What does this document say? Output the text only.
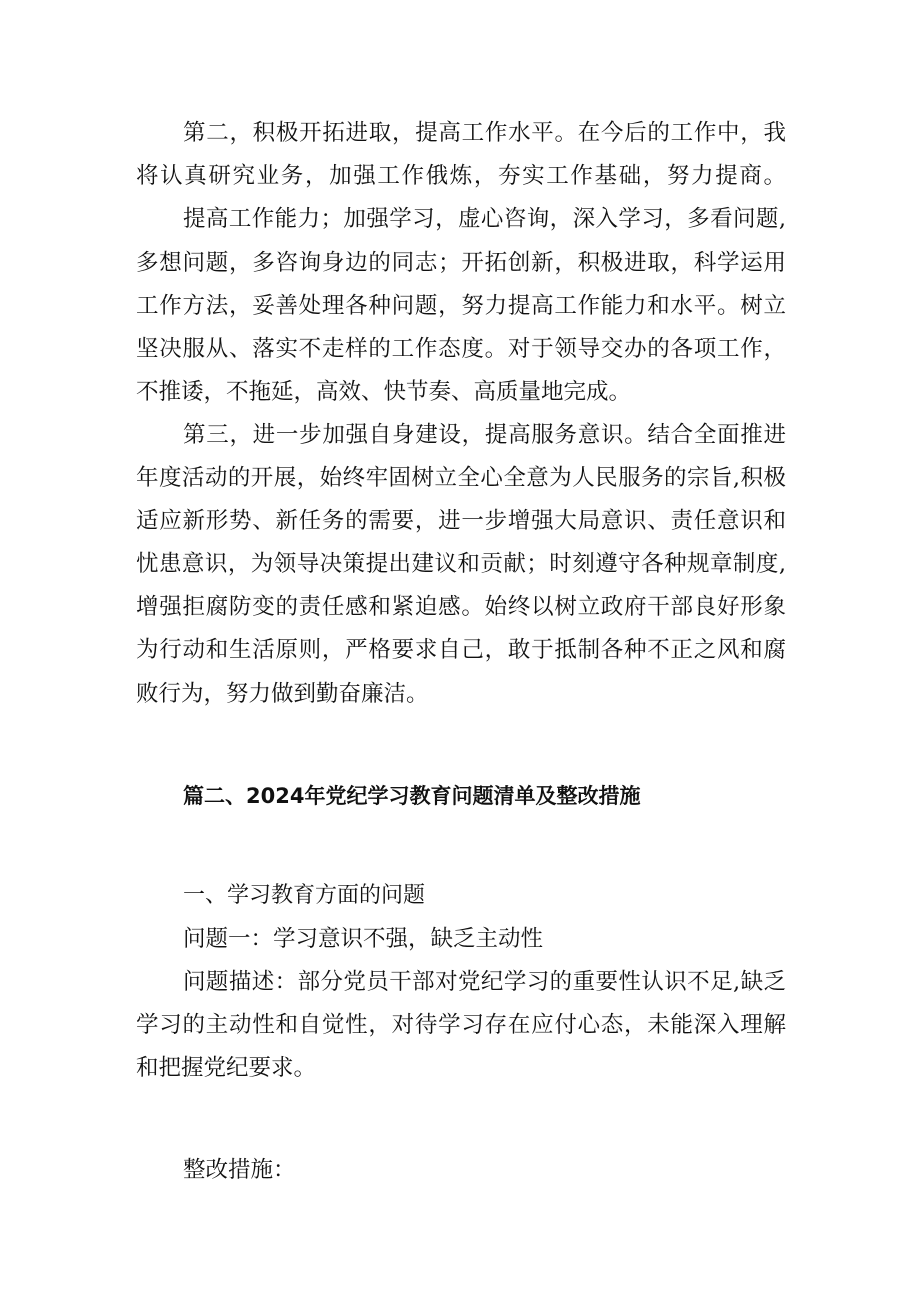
第二，积极开拓进取，提高工作水平。在今后的工作中，我
将认真研究业务，加强工作俄炼，夯实工作基础，努力提商。
提高工作能力；加强学习，虚心咨询，深入学习，多看问题,
多想问题，多咨询身边的同志；开拓创新，积极进取，科学运用
工作方法，妥善处理各种问题，努力提高工作能力和水平。树立
坚决服从、落实不走样的工作态度。对于领导交办的各项工作，
不推诿，不拖延，高效、快节奏、高质量地完成。
第三，进一步加强自身建设，提高服务意识。结合全面推进
年度活动的开展，始终牢固树立全心全意为人民服务的宗旨,积极
适应新形势、新任务的需要，进一步增强大局意识、责任意识和
忧患意识，为领导决策提出建议和贡献；时刻遵守各种规章制度,
增强拒腐防变的责任感和紧迫感。始终以树立政府干部良好形象
为行动和生活原则，严格要求自己，敢于抵制各种不正之风和腐
败行为，努力做到勤奋廉洁。
篇二、2024年党纪学习教育问题清单及整改措施
一、学习教育方面的问题
问题一：学习意识不强，缺乏主动性
问题描述：部分党员干部对党纪学习的重要性认识不足,缺乏
学习的主动性和自觉性，对待学习存在应付心态，未能深入理解
和把握党纪要求。
整改措施：
